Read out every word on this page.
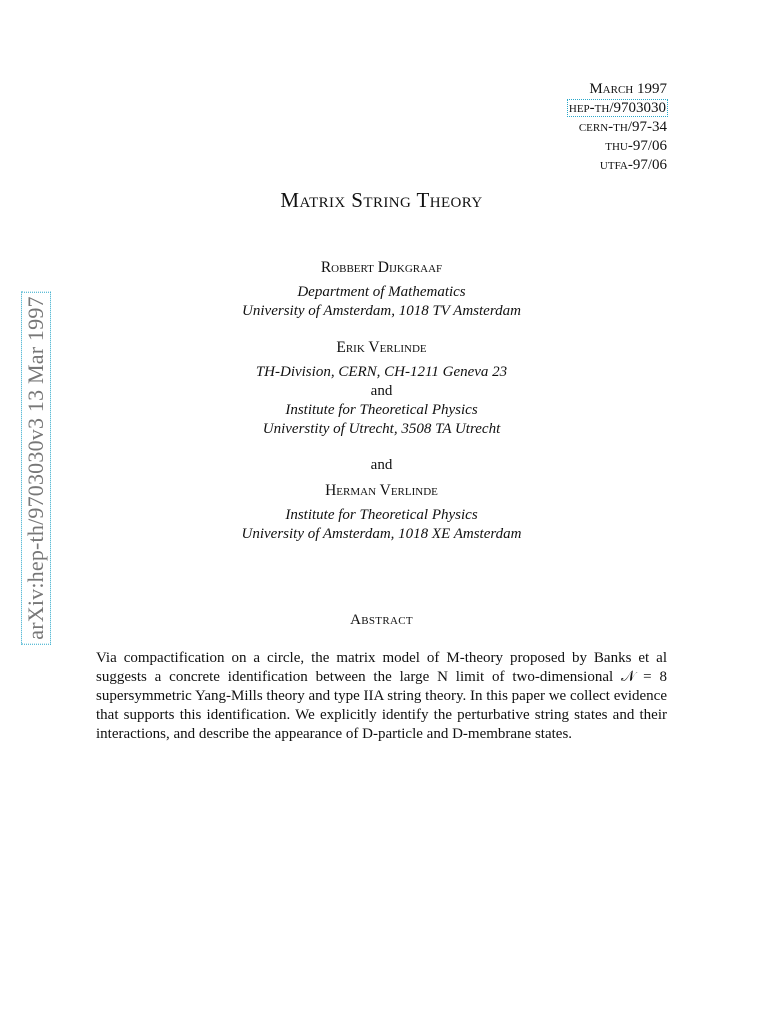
March 1997
hep-th/9703030
cern-th/97-34
thu-97/06
utfa-97/06
arXiv:hep-th/9703030v3 13 Mar 1997
Matrix String Theory
Robbert Dijkgraaf
Department of Mathematics
University of Amsterdam, 1018 TV Amsterdam
Erik Verlinde
TH-Division, CERN, CH-1211 Geneva 23
and
Institute for Theoretical Physics
Universtity of Utrecht, 3508 TA Utrecht
and
Herman Verlinde
Institute for Theoretical Physics
University of Amsterdam, 1018 XE Amsterdam
Abstract
Via compactification on a circle, the matrix model of M-theory proposed by Banks et al suggests a concrete identification between the large N limit of two-dimensional 𝒩 = 8 supersymmetric Yang-Mills theory and type IIA string theory. In this paper we collect evidence that supports this identification. We explicitly identify the perturbative string states and their interactions, and describe the appearance of D-particle and D-membrane states.
